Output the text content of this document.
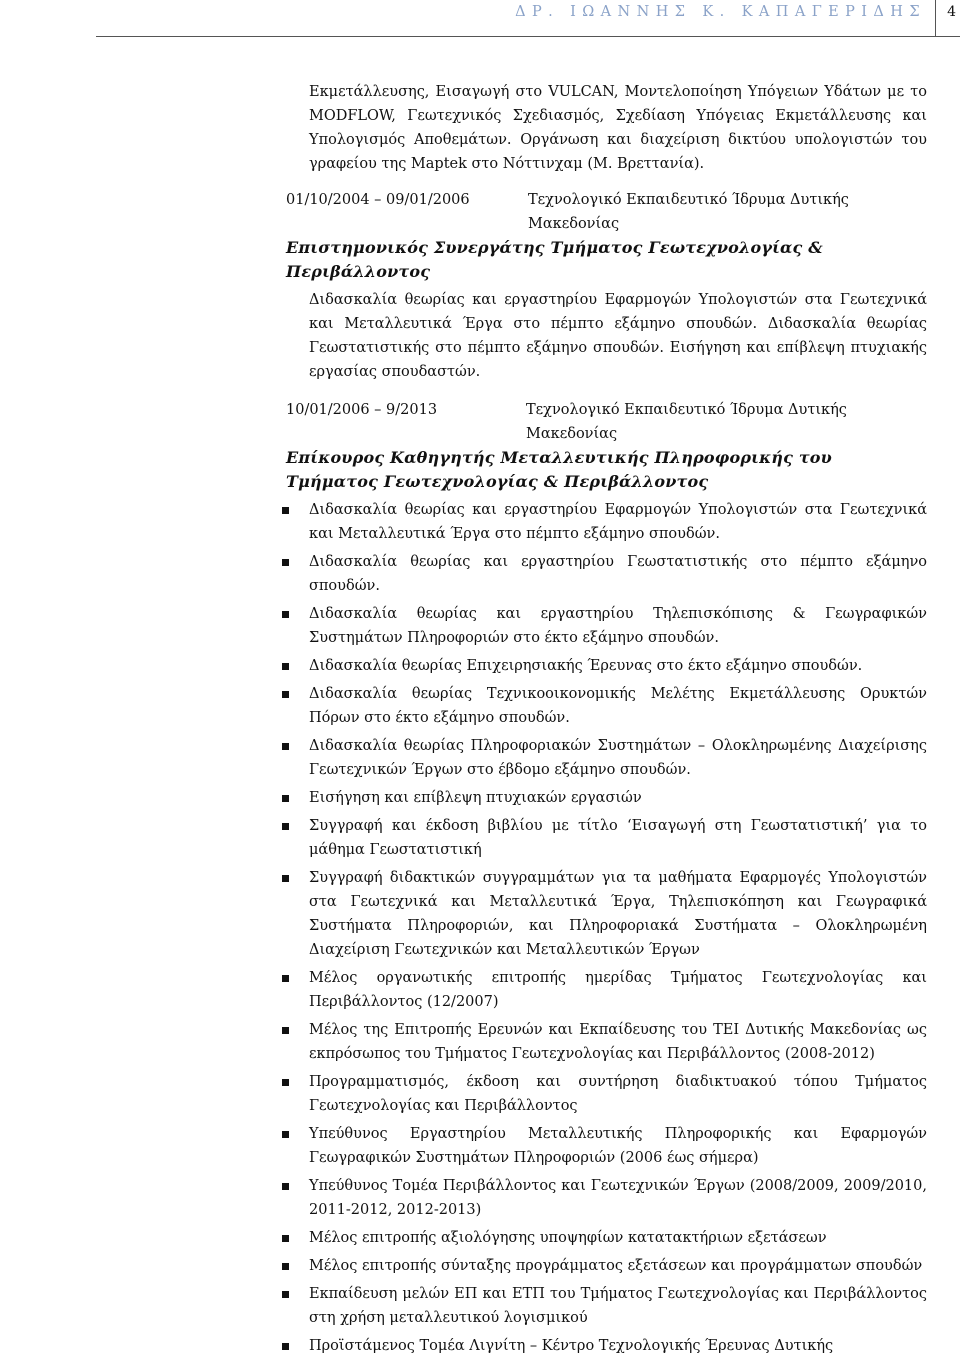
ΔΡ. ΙΩΑΝΝΗΣ Κ. ΚΑΠΑΓΕΡΙΔΗΣ 4

Εκμετάλλευσης, Εισαγωγή στο VULCAN, Μοντελοποίηση Υπόγειων Υδάτων με το MODFLOW, Γεωτεχνικός Σχεδιασμός, Σχεδίαση Υπόγειας Εκμετάλλευσης και Υπολογισμός Αποθεμάτων. Οργάνωση και διαχείριση δικτύου υπολογιστών του γραφείου της Maptek στο Νόττινχαμ (Μ. Βρεττανία).

01/10/2004 – 09/01/2006	Τεχνολογικό Εκπαιδευτικό Ίδρυμα Δυτικής Μακεδονίας
Επιστημονικός Συνεργάτης Τμήματος Γεωτεχνολογίας & Περιβάλλοντος

Διδασκαλία θεωρίας και εργαστηρίου Εφαρμογών Υπολογιστών στα Γεωτεχνικά και Μεταλλευτικά Έργα στο πέμπτο εξάμηνο σπουδών. Διδασκαλία θεωρίας Γεωστατιστικής στο πέμπτο εξάμηνο σπουδών. Εισήγηση και επίβλεψη πτυχιακής εργασίας σπουδαστών.

10/01/2006 – 9/2013	Τεχνολογικό Εκπαιδευτικό Ίδρυμα Δυτικής Μακεδονίας
Επίκουρος Καθηγητής Μεταλλευτικής Πληροφορικής του Τμήματος Γεωτεχνολογίας & Περιβάλλοντος
Διδασκαλία θεωρίας και εργαστηρίου Εφαρμογών Υπολογιστών στα Γεωτεχνικά και Μεταλλευτικά Έργα στο πέμπτο εξάμηνο σπουδών.
Διδασκαλία θεωρίας και εργαστηρίου Γεωστατιστικής στο πέμπτο εξάμηνο σπουδών.
Διδασκαλία θεωρίας και εργαστηρίου Τηλεπισκόπισης & Γεωγραφικών Συστημάτων Πληροφοριών στο έκτο εξάμηνο σπουδών.
Διδασκαλία θεωρίας Επιχειρησιακής Έρευνας στο έκτο εξάμηνο σπουδών.
Διδασκαλία θεωρίας Τεχνικοοικονομικής Μελέτης Εκμετάλλευσης Ορυκτών Πόρων στο έκτο εξάμηνο σπουδών.
Διδασκαλία θεωρίας Πληροφοριακών Συστημάτων – Ολοκληρωμένης Διαχείρισης Γεωτεχνικών Έργων στο έβδομο εξάμηνο σπουδών.
Εισήγηση και επίβλεψη πτυχιακών εργασιών
Συγγραφή και έκδοση βιβλίου με τίτλο ‘Εισαγωγή στη Γεωστατιστική’ για το μάθημα Γεωστατιστική
Συγγραφή διδακτικών συγγραμμάτων για τα μαθήματα Εφαρμογές Υπολογιστών στα Γεωτεχνικά και Μεταλλευτικά Έργα, Τηλεπισκόπηση και Γεωγραφικά Συστήματα Πληροφοριών, και Πληροφοριακά Συστήματα – Ολοκληρωμένη Διαχείριση Γεωτεχνικών και Μεταλλευτικών Έργων
Μέλος οργανωτικής επιτροπής ημερίδας Τμήματος Γεωτεχνολογίας και Περιβάλλοντος (12/2007)
Μέλος της Επιτροπής Ερευνών και Εκπαίδευσης του ΤΕΙ Δυτικής Μακεδονίας ως εκπρόσωπος του Τμήματος Γεωτεχνολογίας και Περιβάλλοντος (2008-2012)
Προγραμματισμός, έκδοση και συντήρηση διαδικτυακού τόπου Τμήματος Γεωτεχνολογίας και Περιβάλλοντος
Υπεύθυνος Εργαστηρίου Μεταλλευτικής Πληροφορικής και Εφαρμογών Γεωγραφικών Συστημάτων Πληροφοριών (2006 έως σήμερα)
Υπεύθυνος Τομέα Περιβάλλοντος και Γεωτεχνικών Έργων (2008/2009, 2009/2010, 2011-2012, 2012-2013)
Μέλος επιτροπής αξιολόγησης υποψηφίων κατατακτήριων εξετάσεων
Μέλος επιτροπής σύνταξης προγράμματος εξετάσεων και προγράμματων σπουδών
Εκπαίδευση μελών ΕΠ και ΕΤΠ του Τμήματος Γεωτεχνολογίας και Περιβάλλοντος στη χρήση μεταλλευτικού λογισμικού
Προϊστάμενος Τομέα Λιγνίτη – Κέντρο Τεχνολογικής Έρευνας Δυτικής
